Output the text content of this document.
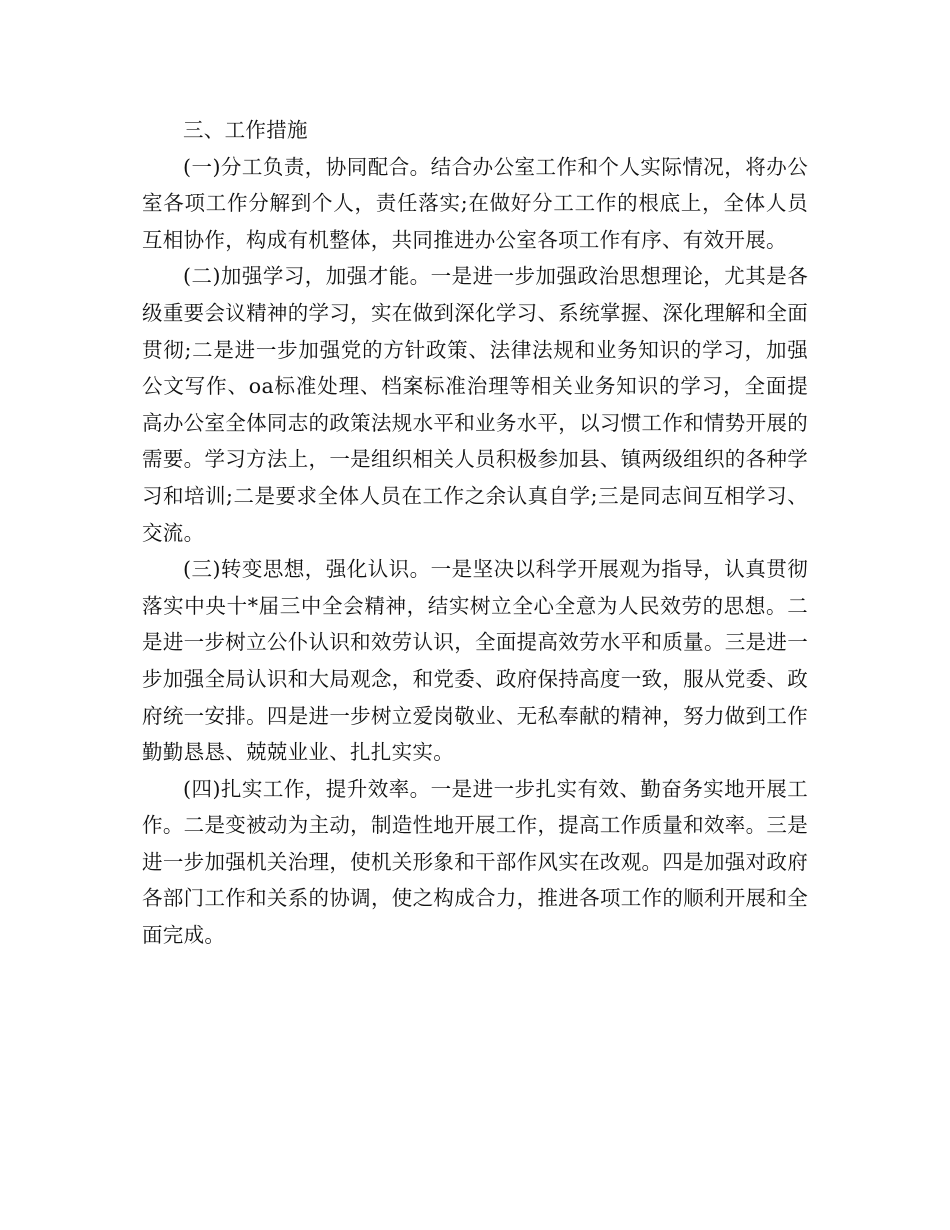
三、工作措施

(一)分工负责，协同配合。结合办公室工作和个人实际情况，将办公室各项工作分解到个人，责任落实;在做好分工工作的根底上，全体人员互相协作，构成有机整体，共同推进办公室各项工作有序、有效开展。

(二)加强学习，加强才能。一是进一步加强政治思想理论，尤其是各级重要会议精神的学习，实在做到深化学习、系统掌握、深化理解和全面贯彻;二是进一步加强党的方针政策、法律法规和业务知识的学习，加强公文写作、oa标准处理、档案标准治理等相关业务知识的学习，全面提高办公室全体同志的政策法规水平和业务水平，以习惯工作和情势开展的需要。学习方法上，一是组织相关人员积极参加县、镇两级组织的各种学习和培训;二是要求全体人员在工作之余认真自学;三是同志间互相学习、交流。

(三)转变思想，强化认识。一是坚决以科学开展观为指导，认真贯彻落实中央十*届三中全会精神，结实树立全心全意为人民效劳的思想。二是进一步树立公仆认识和效劳认识，全面提高效劳水平和质量。三是进一步加强全局认识和大局观念，和党委、政府保持高度一致，服从党委、政府统一安排。四是进一步树立爱岗敬业、无私奉献的精神，努力做到工作勤勤恳恳、兢兢业业、扎扎实实。

(四)扎实工作，提升效率。一是进一步扎实有效、勤奋务实地开展工作。二是变被动为主动，制造性地开展工作，提高工作质量和效率。三是进一步加强机关治理，使机关形象和干部作风实在改观。四是加强对政府各部门工作和关系的协调，使之构成合力，推进各项工作的顺利开展和全面完成。
